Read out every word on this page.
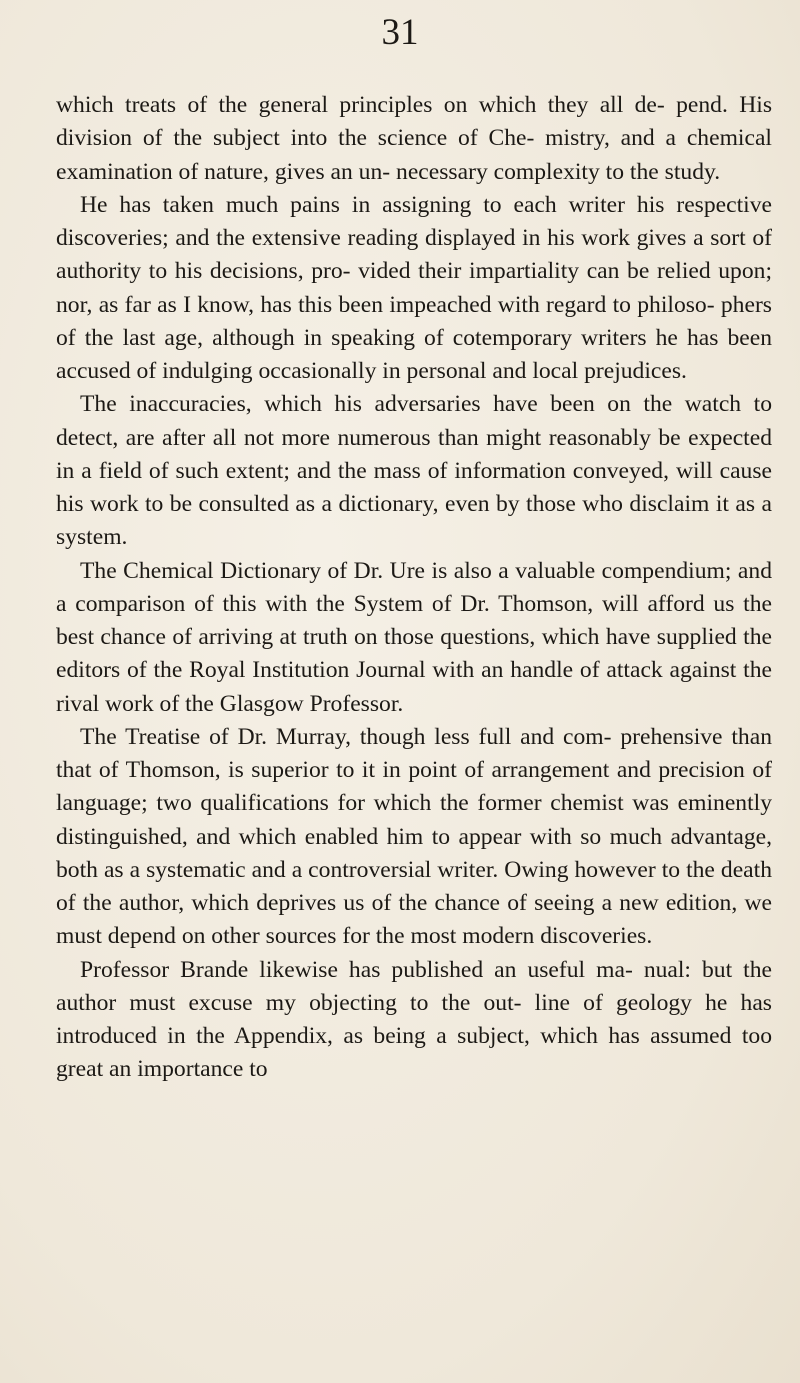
31

which treats of the general principles on which they all de- pend. His division of the subject into the science of Che- mistry, and a chemical examination of nature, gives an un- necessary complexity to the study.

He has taken much pains in assigning to each writer his respective discoveries; and the extensive reading displayed in his work gives a sort of authority to his decisions, pro- vided their impartiality can be relied upon; nor, as far as I know, has this been impeached with regard to philoso- phers of the last age, although in speaking of cotemporary writers he has been accused of indulging occasionally in personal and local prejudices.

The inaccuracies, which his adversaries have been on the watch to detect, are after all not more numerous than might reasonably be expected in a field of such extent; and the mass of information conveyed, will cause his work to be consulted as a dictionary, even by those who disclaim it as a system.

The Chemical Dictionary of Dr. Ure is also a valuable compendium; and a comparison of this with the System of Dr. Thomson, will afford us the best chance of arriving at truth on those questions, which have supplied the editors of the Royal Institution Journal with an handle of attack against the rival work of the Glasgow Professor.

The Treatise of Dr. Murray, though less full and com- prehensive than that of Thomson, is superior to it in point of arrangement and precision of language; two qualifications for which the former chemist was eminently distinguished, and which enabled him to appear with so much advantage, both as a systematic and a controversial writer. Owing however to the death of the author, which deprives us of the chance of seeing a new edition, we must depend on other sources for the most modern discoveries.

Professor Brande likewise has published an useful ma- nual: but the author must excuse my objecting to the out- line of geology he has introduced in the Appendix, as being a subject, which has assumed too great an importance to
